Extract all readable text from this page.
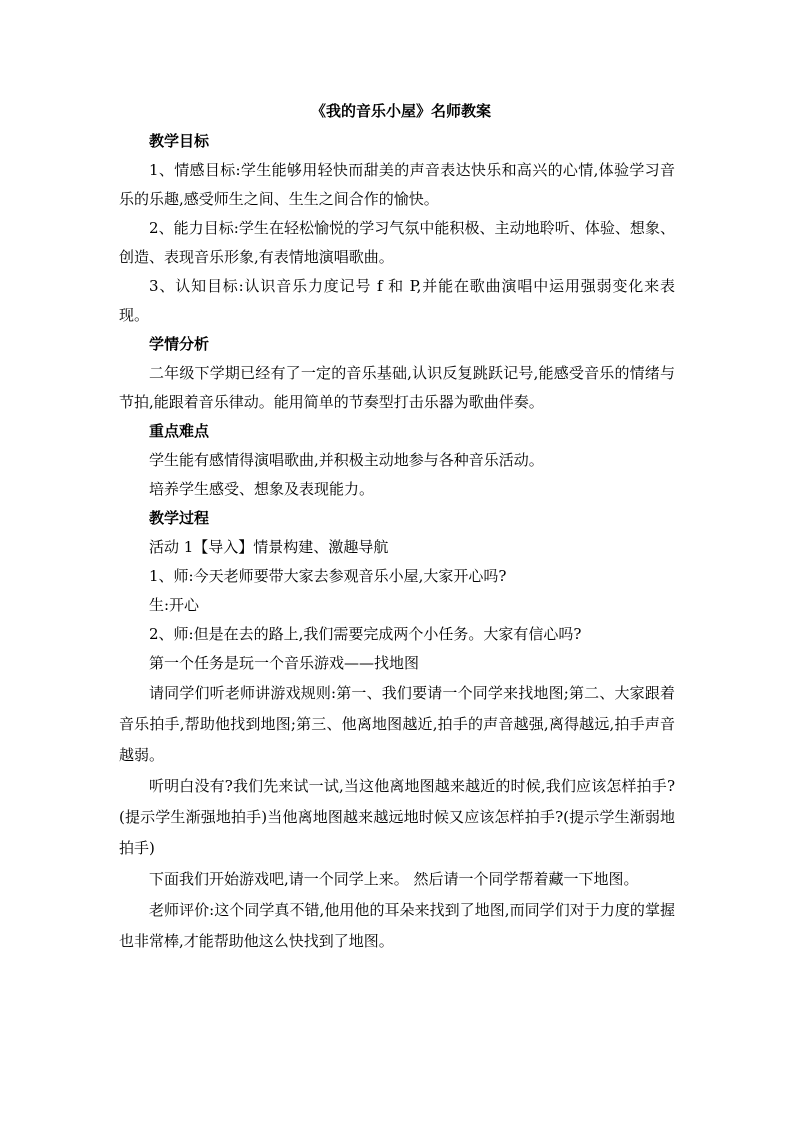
《我的音乐小屋》名师教案
教学目标

1、情感目标:学生能够用轻快而甜美的声音表达快乐和高兴的心情,体验学习音乐的乐趣,感受师生之间、生生之间合作的愉快。

2、能力目标:学生在轻松愉悦的学习气氛中能积极、主动地聆听、体验、想象、创造、表现音乐形象,有表情地演唱歌曲。

3、认知目标:认识音乐力度记号 f 和 P,并能在歌曲演唱中运用强弱变化来表现。

学情分析

二年级下学期已经有了一定的音乐基础,认识反复跳跃记号,能感受音乐的情绪与节拍,能跟着音乐律动。能用简单的节奏型打击乐器为歌曲伴奏。

重点难点

学生能有感情得演唱歌曲,并积极主动地参与各种音乐活动。

培养学生感受、想象及表现能力。

教学过程

活动 1【导入】情景构建、激趣导航

1、师:今天老师要带大家去参观音乐小屋,大家开心吗?

生:开心

2、师:但是在去的路上,我们需要完成两个小任务。大家有信心吗?

第一个任务是玩一个音乐游戏——找地图

请同学们听老师讲游戏规则:第一、我们要请一个同学来找地图;第二、大家跟着音乐拍手,帮助他找到地图;第三、他离地图越近,拍手的声音越强,离得越远,拍手声音越弱。

听明白没有?我们先来试一试,当这他离地图越来越近的时候,我们应该怎样拍手?(提示学生渐强地拍手)当他离地图越来越远地时候又应该怎样拍手?(提示学生渐弱地拍手)

下面我们开始游戏吧,请一个同学上来。 然后请一个同学帮着藏一下地图。

老师评价:这个同学真不错,他用他的耳朵来找到了地图,而同学们对于力度的掌握也非常棒,才能帮助他这么快找到了地图。
